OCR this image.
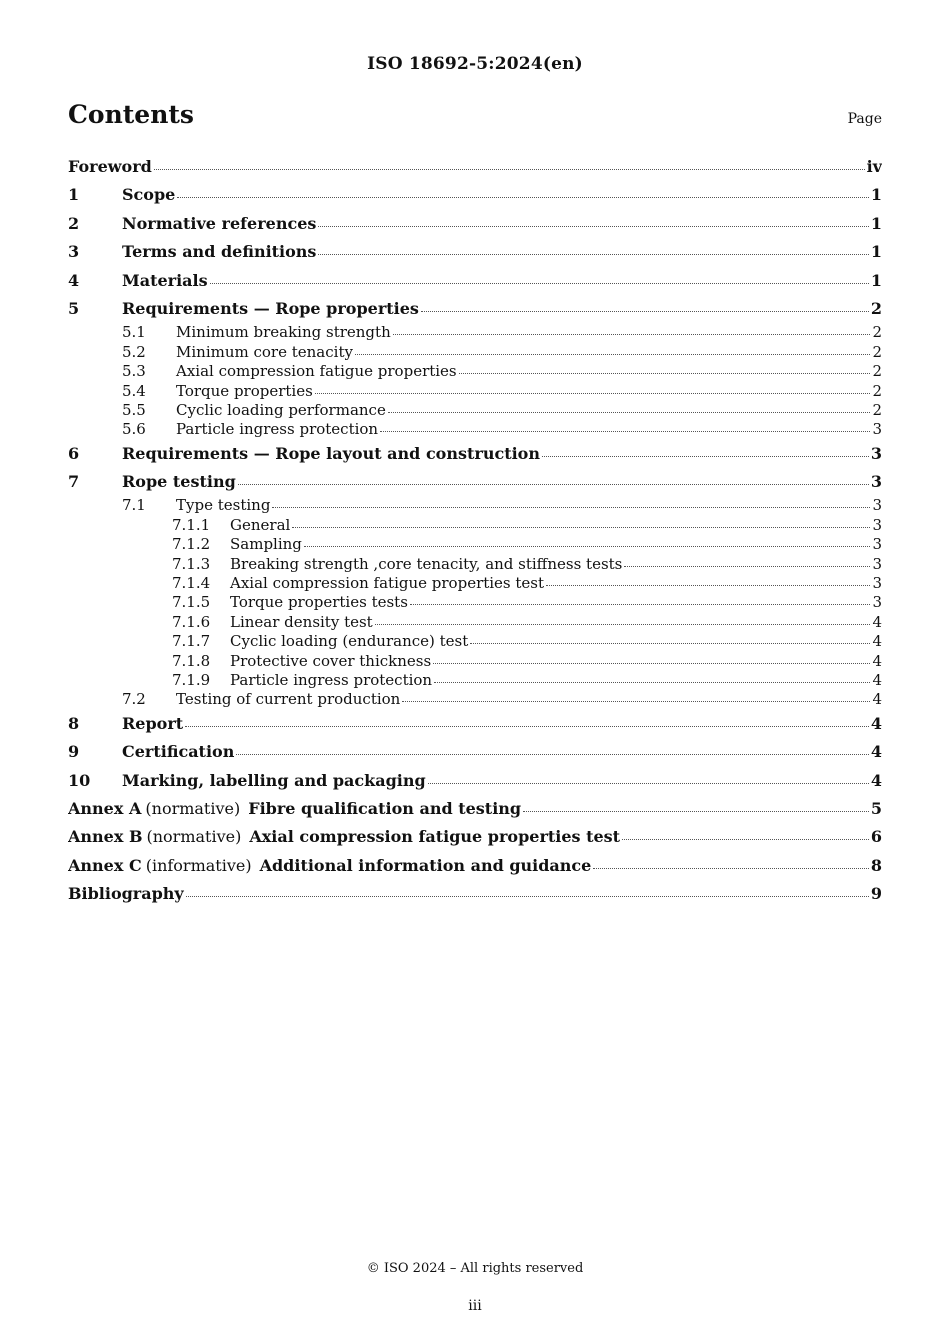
ISO 18692-5:2024(en)
Contents	Page
Foreword	iv
1	Scope	1
2	Normative references	1
3	Terms and definitions	1
4	Materials	1
5	Requirements — Rope properties	2
5.1	Minimum breaking strength	2
5.2	Minimum core tenacity	2
5.3	Axial compression fatigue properties	2
5.4	Torque properties	2
5.5	Cyclic loading performance	2
5.6	Particle ingress protection	3
6	Requirements — Rope layout and construction	3
7	Rope testing	3
7.1	Type testing	3
7.1.1	General	3
7.1.2	Sampling	3
7.1.3	Breaking strength ,core tenacity, and stiffness tests	3
7.1.4	Axial compression fatigue properties test	3
7.1.5	Torque properties tests	3
7.1.6	Linear density test	4
7.1.7	Cyclic loading (endurance) test	4
7.1.8	Protective cover thickness	4
7.1.9	Particle ingress protection	4
7.2	Testing of current production	4
8	Report	4
9	Certification	4
10	Marking, labelling and packaging	4
Annex A (normative) Fibre qualification and testing	5
Annex B (normative) Axial compression fatigue properties test	6
Annex C (informative) Additional information and guidance	8
Bibliography	9
© ISO 2024 – All rights reserved
iii
